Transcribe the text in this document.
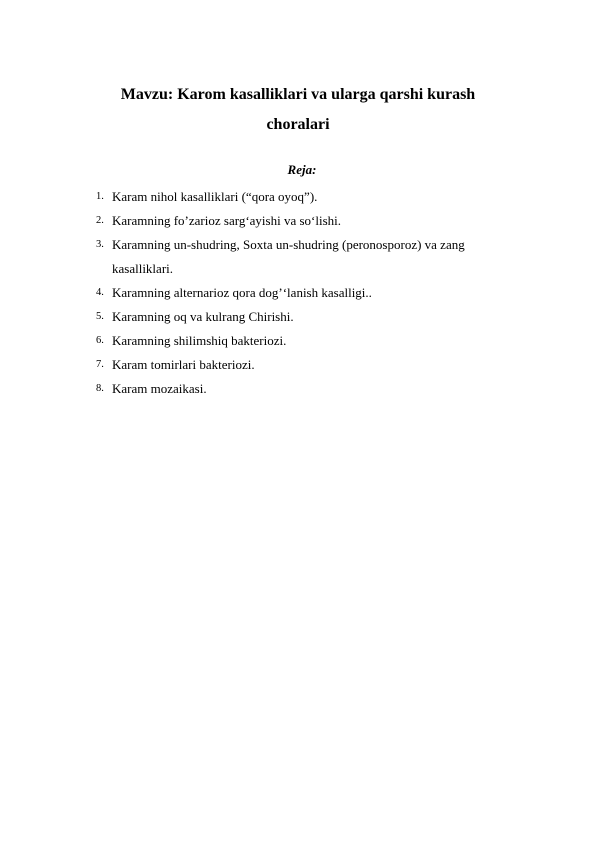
Mavzu: Karom kasalliklari va ularga qarshi kurash
choralari
Reja:
1. Karam nihol kasalliklari (“qora oyoq”).
2. Karamning fo’zarioz sarg‘ayishi va so‘lishi.
3. Karamning un-shudring, Soxta un-shudring (peronosporoz) va zang kasalliklari.
4. Karamning alternarioz qora dog’‘lanish kasalligi..
5. Karamning oq va kulrang Chirishi.
6. Karamning shilimshiq bakteriozi.
7. Karam tomirlari bakteriozi.
8. Karam mozaikasi.
